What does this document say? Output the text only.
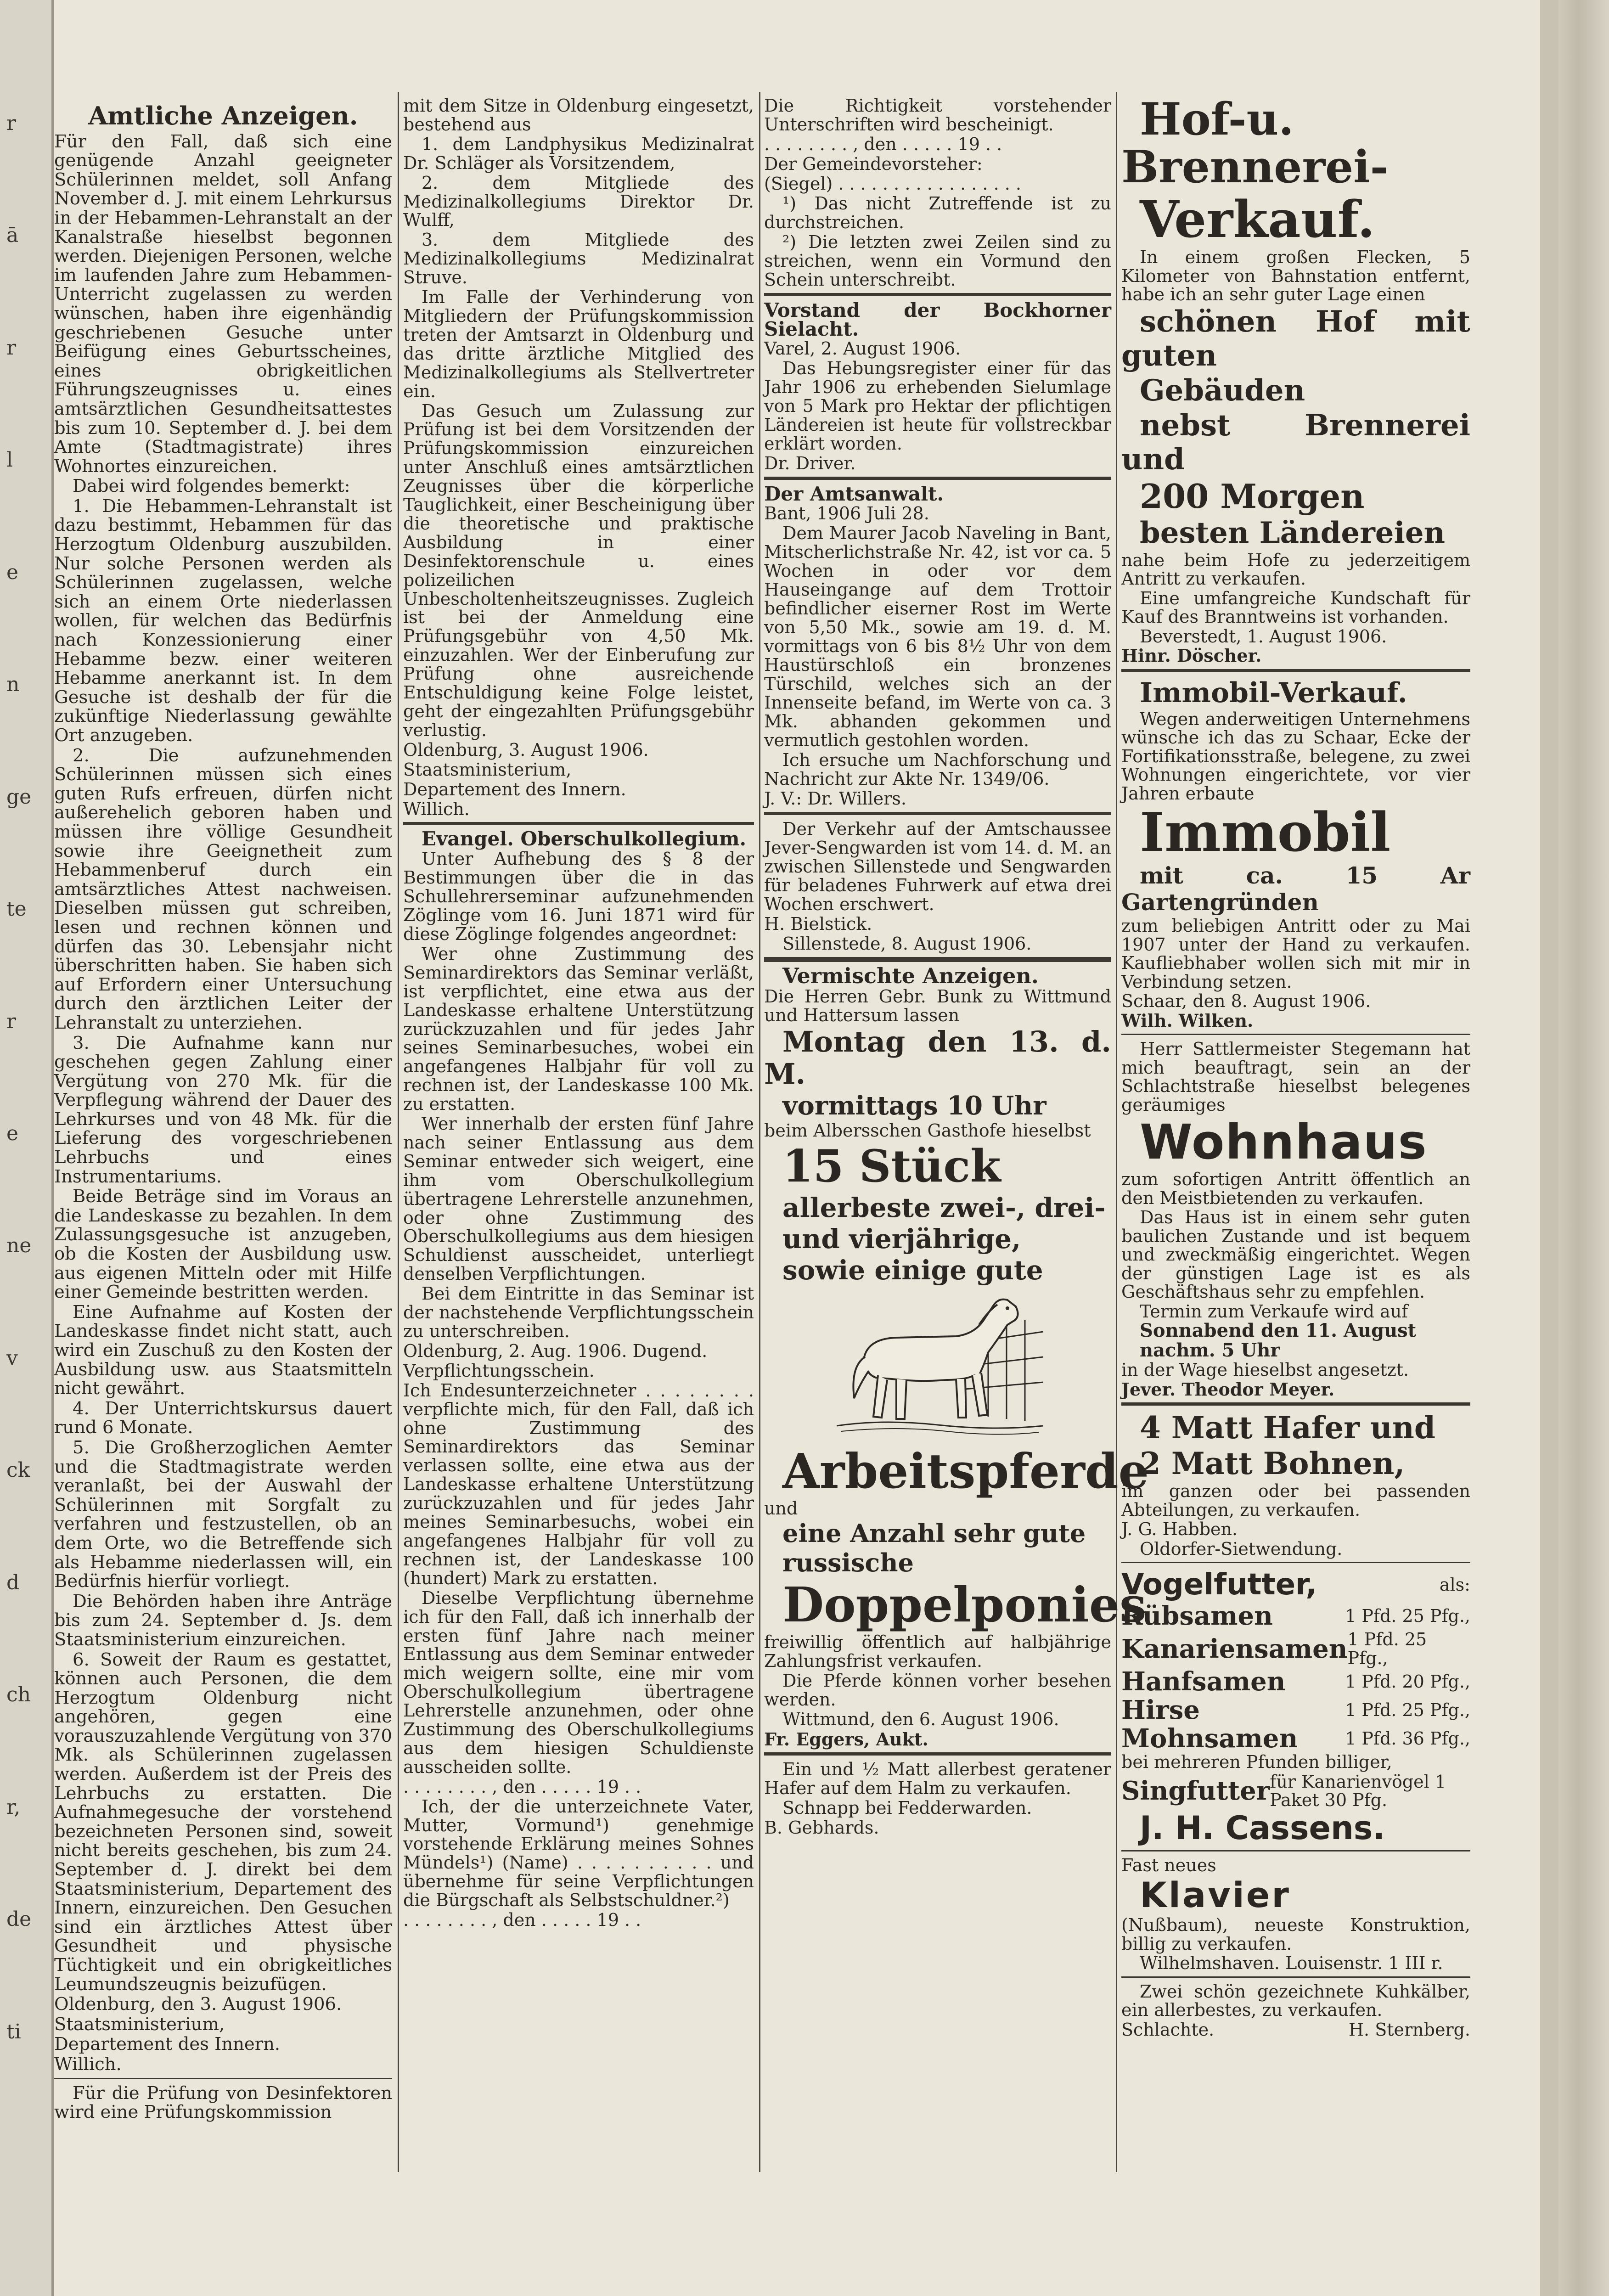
r
ā
r
l
e
n
ge
te
r
e
ne
v
ck
d
ch
r,
de
ti
Amtliche Anzeigen.

Für den Fall, daß sich eine genügende Anzahl geeigneter Schülerinnen meldet, soll Anfang November d. J. mit einem Lehrkursus in der Hebammen-Lehranstalt an der Kanalstraße hieselbst begonnen werden. Diejenigen Personen, welche im laufenden Jahre zum Hebammen-Unterricht zugelassen zu werden wünschen, haben ihre eigenhändig geschriebenen Gesuche unter Beifügung eines Geburtsscheines, eines obrigkeitlichen Führungszeugnisses u. eines amtsärztlichen Gesundheitsattestes bis zum 10. September d. J. bei dem Amte (Stadtmagistrate) ihres Wohnortes einzureichen.

Dabei wird folgendes bemerkt:

1. Die Hebammen-Lehranstalt ist dazu bestimmt, Hebammen für das Herzogtum Oldenburg auszubilden. Nur solche Personen werden als Schülerinnen zugelassen, welche sich an einem Orte niederlassen wollen, für welchen das Bedürfnis nach Konzessionierung einer Hebamme bezw. einer weiteren Hebamme anerkannt ist. In dem Gesuche ist deshalb der für die zukünftige Niederlassung gewählte Ort anzugeben.

2. Die aufzunehmenden Schülerinnen müssen sich eines guten Rufs erfreuen, dürfen nicht außerehelich geboren haben und müssen ihre völlige Gesundheit sowie ihre Geeignetheit zum Hebammenberuf durch ein amtsärztliches Attest nachweisen. Dieselben müssen gut schreiben, lesen und rechnen können und dürfen das 30. Lebensjahr nicht überschritten haben. Sie haben sich auf Erfordern einer Untersuchung durch den ärztlichen Leiter der Lehranstalt zu unterziehen.

3. Die Aufnahme kann nur geschehen gegen Zahlung einer Vergütung von 270 Mk. für die Verpflegung während der Dauer des Lehrkurses und von 48 Mk. für die Lieferung des vorgeschriebenen Lehrbuchs und eines Instrumentariums.

Beide Beträge sind im Voraus an die Landeskasse zu bezahlen. In dem Zulassungsgesuche ist anzugeben, ob die Kosten der Ausbildung usw. aus eigenen Mitteln oder mit Hilfe einer Gemeinde bestritten werden.

Eine Aufnahme auf Kosten der Landeskasse findet nicht statt, auch wird ein Zuschuß zu den Kosten der Ausbildung usw. aus Staatsmitteln nicht gewährt.

4. Der Unterrichtskursus dauert rund 6 Monate.

5. Die Großherzoglichen Aemter und die Stadtmagistrate werden veranlaßt, bei der Auswahl der Schülerinnen mit Sorgfalt zu verfahren und festzustellen, ob an dem Orte, wo die Betreffende sich als Hebamme niederlassen will, ein Bedürfnis hierfür vorliegt.

Die Behörden haben ihre Anträge bis zum 24. September d. Js. dem Staatsministerium einzureichen.

6. Soweit der Raum es gestattet, können auch Personen, die dem Herzogtum Oldenburg nicht angehören, gegen eine vorauszuzahlende Vergütung von 370 Mk. als Schülerinnen zugelassen werden. Außerdem ist der Preis des Lehrbuchs zu erstatten. Die Aufnahmegesuche der vorstehend bezeichneten Personen sind, soweit nicht bereits geschehen, bis zum 24. September d. J. direkt bei dem Staatsministerium, Departement des Innern, einzureichen. Den Gesuchen sind ein ärztliches Attest über Gesundheit und physische Tüchtigkeit und ein obrigkeitliches Leumundszeugnis beizufügen.

Oldenburg, den 3. August 1906.

Staatsministerium,

Departement des Innern.

Willich.

Für die Prüfung von Desinfektoren wird eine Prüfungskommission

mit dem Sitze in Oldenburg eingesetzt, bestehend aus

1. dem Landphysikus Medizinalrat Dr. Schläger als Vorsitzendem,

2. dem Mitgliede des Medizinalkollegiums Direktor Dr. Wulff,

3. dem Mitgliede des Medizinalkollegiums Medizinalrat Struve.

Im Falle der Verhinderung von Mitgliedern der Prüfungskommission treten der Amtsarzt in Oldenburg und das dritte ärztliche Mitglied des Medizinalkollegiums als Stellvertreter ein.

Das Gesuch um Zulassung zur Prüfung ist bei dem Vorsitzenden der Prüfungskommission einzureichen unter Anschluß eines amtsärztlichen Zeugnisses über die körperliche Tauglichkeit, einer Bescheinigung über die theoretische und praktische Ausbildung in einer Desinfektorenschule u. eines polizeilichen Unbescholtenheitszeugnisses. Zugleich ist bei der Anmeldung eine Prüfungsgebühr von 4,50 Mk. einzuzahlen. Wer der Einberufung zur Prüfung ohne ausreichende Entschuldigung keine Folge leistet, geht der eingezahlten Prüfungsgebühr verlustig.

Oldenburg, 3. August 1906.

Staatsministerium,

Departement des Innern.

Willich.

Evangel. Oberschulkollegium.

Unter Aufhebung des § 8 der Bestimmungen über die in das Schullehrerseminar aufzunehmenden Zöglinge vom 16. Juni 1871 wird für diese Zöglinge folgendes angeordnet:

Wer ohne Zustimmung des Seminardirektors das Seminar verläßt, ist verpflichtet, eine etwa aus der Landeskasse erhaltene Unterstützung zurückzuzahlen und für jedes Jahr seines Seminarbesuches, wobei ein angefangenes Halbjahr für voll zu rechnen ist, der Landeskasse 100 Mk. zu erstatten.

Wer innerhalb der ersten fünf Jahre nach seiner Entlassung aus dem Seminar entweder sich weigert, eine ihm vom Oberschulkollegium übertragene Lehrerstelle anzunehmen, oder ohne Zustimmung des Oberschulkollegiums aus dem hiesigen Schuldienst ausscheidet, unterliegt denselben Verpflichtungen.

Bei dem Eintritte in das Seminar ist der nachstehende Verpflichtungsschein zu unterschreiben.

Oldenburg, 2. Aug. 1906. Dugend.

Verpflichtungsschein.

Ich Endesunterzeichneter . . . . . . . . verpflichte mich, für den Fall, daß ich ohne Zustimmung des Seminardirektors das Seminar verlassen sollte, eine etwa aus der Landeskasse erhaltene Unterstützung zurückzuzahlen und für jedes Jahr meines Seminarbesuchs, wobei ein angefangenes Halbjahr für voll zu rechnen ist, der Landeskasse 100 (hundert) Mark zu erstatten.

Dieselbe Verpflichtung übernehme ich für den Fall, daß ich innerhalb der ersten fünf Jahre nach meiner Entlassung aus dem Seminar entweder mich weigern sollte, eine mir vom Oberschulkollegium übertragene Lehrerstelle anzunehmen, oder ohne Zustimmung des Oberschulkollegiums aus dem hiesigen Schuldienste ausscheiden sollte.

. . . . . . . . , den . . . . . 19 . .

Ich, der die unterzeichnete Vater, Mutter, Vormund¹) genehmige vorstehende Erklärung meines Sohnes Mündels¹) (Name) . . . . . . . . . . und übernehme für seine Verpflichtungen die Bürgschaft als Selbstschuldner.²)

. . . . . . . . , den . . . . . 19 . .

Die Richtigkeit vorstehender Unterschriften wird bescheinigt.

. . . . . . . . , den . . . . . 19 . .

Der Gemeindevorsteher:

(Siegel) . . . . . . . . . . . . . . . . .

¹) Das nicht Zutreffende ist zu durchstreichen.

²) Die letzten zwei Zeilen sind zu streichen, wenn ein Vormund den Schein unterschreibt.

Vorstand der Bockhorner Sielacht.

Varel, 2. August 1906.

Das Hebungsregister einer für das Jahr 1906 zu erhebenden Sielumlage von 5 Mark pro Hektar der pflichtigen Ländereien ist heute für vollstreckbar erklärt worden.

Dr. Driver.

Der Amtsanwalt.

Bant, 1906 Juli 28.

Dem Maurer Jacob Naveling in Bant, Mitscherlichstraße Nr. 42, ist vor ca. 5 Wochen in oder vor dem Hauseingange auf dem Trottoir befindlicher eiserner Rost im Werte von 5,50 Mk., sowie am 19. d. M. vormittags von 6 bis 8½ Uhr von dem Haustürschloß ein bronzenes Türschild, welches sich an der Innenseite befand, im Werte von ca. 3 Mk. abhanden gekommen und vermutlich gestohlen worden.

Ich ersuche um Nachforschung und Nachricht zur Akte Nr. 1349/06.

J. V.: Dr. Willers.

Der Verkehr auf der Amtschaussee Jever-Sengwarden ist vom 14. d. M. an zwischen Sillenstede und Sengwarden für beladenes Fuhrwerk auf etwa drei Wochen erschwert.

H. Bielstick.

Sillenstede, 8. August 1906.

Vermischte Anzeigen.

Die Herren Gebr. Bunk zu Wittmund und Hattersum lassen

Montag den 13. d. M.

vormittags 10 Uhr

beim Albersschen Gasthofe hieselbst

15 Stück

allerbeste zwei-, drei-

und vierjährige,

sowie einige gute

Arbeitspferde

und

eine Anzahl sehr gute

russische

Doppelponies

freiwillig öffentlich auf halbjährige Zahlungsfrist verkaufen.

Die Pferde können vorher besehen werden.

Wittmund, den 6. August 1906.

Fr. Eggers, Aukt.

Ein und ½ Matt allerbest geratener Hafer auf dem Halm zu verkaufen.

Schnapp bei Fedderwarden.

B. Gebhards.

Hof-u. Brennerei-

Verkauf.

In einem großen Flecken, 5 Kilometer von Bahnstation entfernt, habe ich an sehr guter Lage einen

schönen Hof mit guten

Gebäuden

nebst Brennerei und

200 Morgen

besten Ländereien

nahe beim Hofe zu jederzeitigem Antritt zu verkaufen.

Eine umfangreiche Kundschaft für Kauf des Branntweins ist vorhanden.

Beverstedt, 1. August 1906.

Hinr. Döscher.

Immobil-Verkauf.

Wegen anderweitigen Unternehmens wünsche ich das zu Schaar, Ecke der Fortifikationsstraße, belegene, zu zwei Wohnungen eingerichtete, vor vier Jahren erbaute

Immobil

mit ca. 15 Ar Gartengründen

zum beliebigen Antritt oder zu Mai 1907 unter der Hand zu verkaufen. Kaufliebhaber wollen sich mit mir in Verbindung setzen.

Schaar, den 8. August 1906.

Wilh. Wilken.

Herr Sattlermeister Stegemann hat mich beauftragt, sein an der Schlachtstraße hieselbst belegenes geräumiges

Wohnhaus

zum sofortigen Antritt öffentlich an den Meistbietenden zu verkaufen.

Das Haus ist in einem sehr guten baulichen Zustande und ist bequem und zweckmäßig eingerichtet. Wegen der günstigen Lage ist es als Geschäftshaus sehr zu empfehlen.

Termin zum Verkaufe wird auf

Sonnabend den 11. August

nachm. 5 Uhr

in der Wage hieselbst angesetzt.

Jever. Theodor Meyer.

4 Matt Hafer und

2 Matt Bohnen,

im ganzen oder bei passenden Abteilungen, zu verkaufen.

J. G. Habben.

Oldorfer-Sietwendung.

Vogelfutter,	als:
Rübsamen	1 Pfd. 25 Pfg.,
Kanariensamen 1 Pfd. 25 Pfg.,
Hanfsamen	1 Pfd. 20 Pfg.,
Hirse	1 Pfd. 25 Pfg.,
Mohnsamen	1 Pfd. 36 Pfg.,

bei mehreren Pfunden billiger,

Singfutter für Kanarienvögel 1 Paket 30 Pfg.

J. H. Cassens.

Fast neues

Klavier

(Nußbaum), neueste Konstruktion, billig zu verkaufen.

Wilhelmshaven. Louisenstr. 1 III r.

Zwei schön gezeichnete Kuhkälber, ein allerbestes, zu verkaufen.

Schlachte.	H. Sternberg.
